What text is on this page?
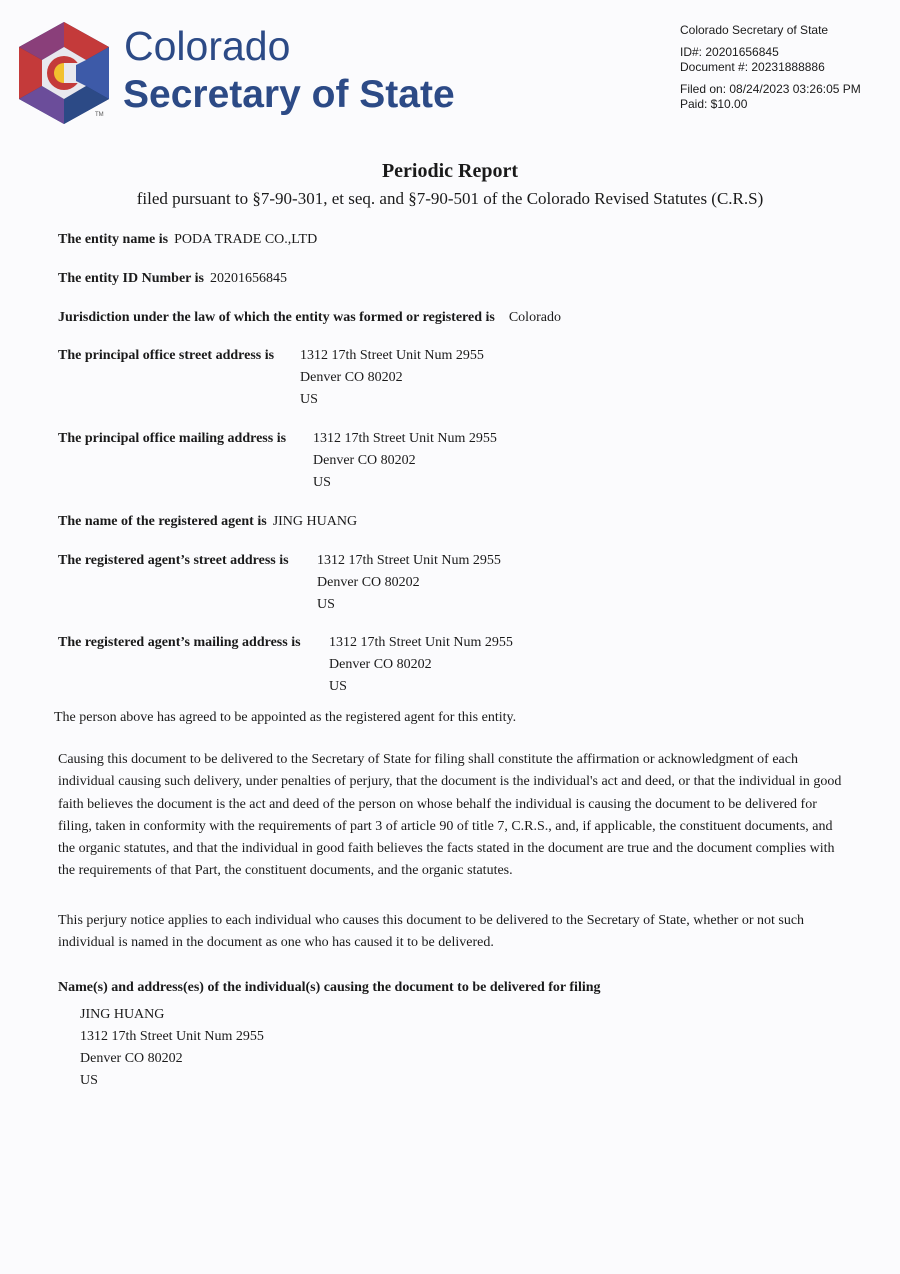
Colorado
Secretary of State
TM
Colorado Secretary of State
ID#: 20201656845
Document #: 20231888886
Filed on: 08/24/2023 03:26:05 PM
Paid: $10.00
Periodic Report
filed pursuant to §7-90-301, et seq. and §7-90-501 of the Colorado Revised Statutes (C.R.S)
The entity name is PODA TRADE CO.,LTD
The entity ID Number is 20201656845
Jurisdiction under the law of which the entity was formed or registered is Colorado
The principal office street address is 1312 17th Street Unit Num 2955
Denver CO 80202
US
The principal office mailing address is 1312 17th Street Unit Num 2955
Denver CO 80202
US
The name of the registered agent is JING HUANG
The registered agent’s street address is 1312 17th Street Unit Num 2955
Denver CO 80202
US
The registered agent’s mailing address is 1312 17th Street Unit Num 2955
Denver CO 80202
US
The person above has agreed to be appointed as the registered agent for this entity.
Causing this document to be delivered to the Secretary of State for filing shall constitute the affirmation or acknowledgment of each individual causing such delivery, under penalties of perjury, that the document is the individual's act and deed, or that the individual in good faith believes the document is the act and deed of the person on whose behalf the individual is causing the document to be delivered for filing, taken in conformity with the requirements of part 3 of article 90 of title 7, C.R.S., and, if applicable, the constituent documents, and the organic statutes, and that the individual in good faith believes the facts stated in the document are true and the document complies with the requirements of that Part, the constituent documents, and the organic statutes.
This perjury notice applies to each individual who causes this document to be delivered to the Secretary of State, whether or not such individual is named in the document as one who has caused it to be delivered.
Name(s) and address(es) of the individual(s) causing the document to be delivered for filing
JING HUANG
1312 17th Street Unit Num 2955
Denver CO 80202
US
